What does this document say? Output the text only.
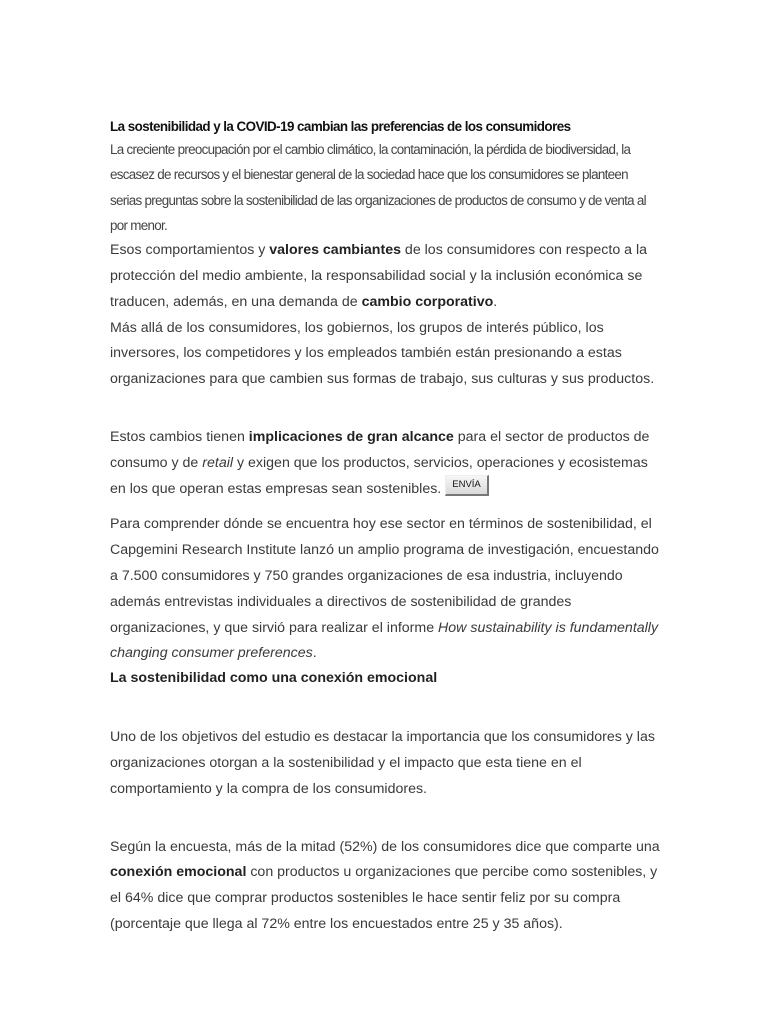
La sostenibilidad y la COVID-19 cambian las preferencias de los consumidores

La creciente preocupación por el cambio climático, la contaminación, la pérdida de biodiversidad, la escasez de recursos y el bienestar general de la sociedad hace que los consumidores se planteen serias preguntas sobre la sostenibilidad de las organizaciones de productos de consumo y de venta al por menor.

Esos comportamientos y valores cambiantes de los consumidores con respecto a la protección del medio ambiente, la responsabilidad social y la inclusión económica se traducen, además, en una demanda de cambio corporativo.

Más allá de los consumidores, los gobiernos, los grupos de interés público, los inversores, los competidores y los empleados también están presionando a estas organizaciones para que cambien sus formas de trabajo, sus culturas y sus productos.

Estos cambios tienen implicaciones de gran alcance para el sector de productos de consumo y de retail y exigen que los productos, servicios, operaciones y ecosistemas en los que operan estas empresas sean sostenibles. ENVÍA

Para comprender dónde se encuentra hoy ese sector en términos de sostenibilidad, el Capgemini Research Institute lanzó un amplio programa de investigación, encuestando a 7.500 consumidores y 750 grandes organizaciones de esa industria, incluyendo además entrevistas individuales a directivos de sostenibilidad de grandes organizaciones, y que sirvió para realizar el informe How sustainability is fundamentally changing consumer preferences.

La sostenibilidad como una conexión emocional

Uno de los objetivos del estudio es destacar la importancia que los consumidores y las organizaciones otorgan a la sostenibilidad y el impacto que esta tiene en el comportamiento y la compra de los consumidores.

Según la encuesta, más de la mitad (52%) de los consumidores dice que comparte una conexión emocional con productos u organizaciones que percibe como sostenibles, y el 64% dice que comprar productos sostenibles le hace sentir feliz por su compra (porcentaje que llega al 72% entre los encuestados entre 25 y 35 años).
